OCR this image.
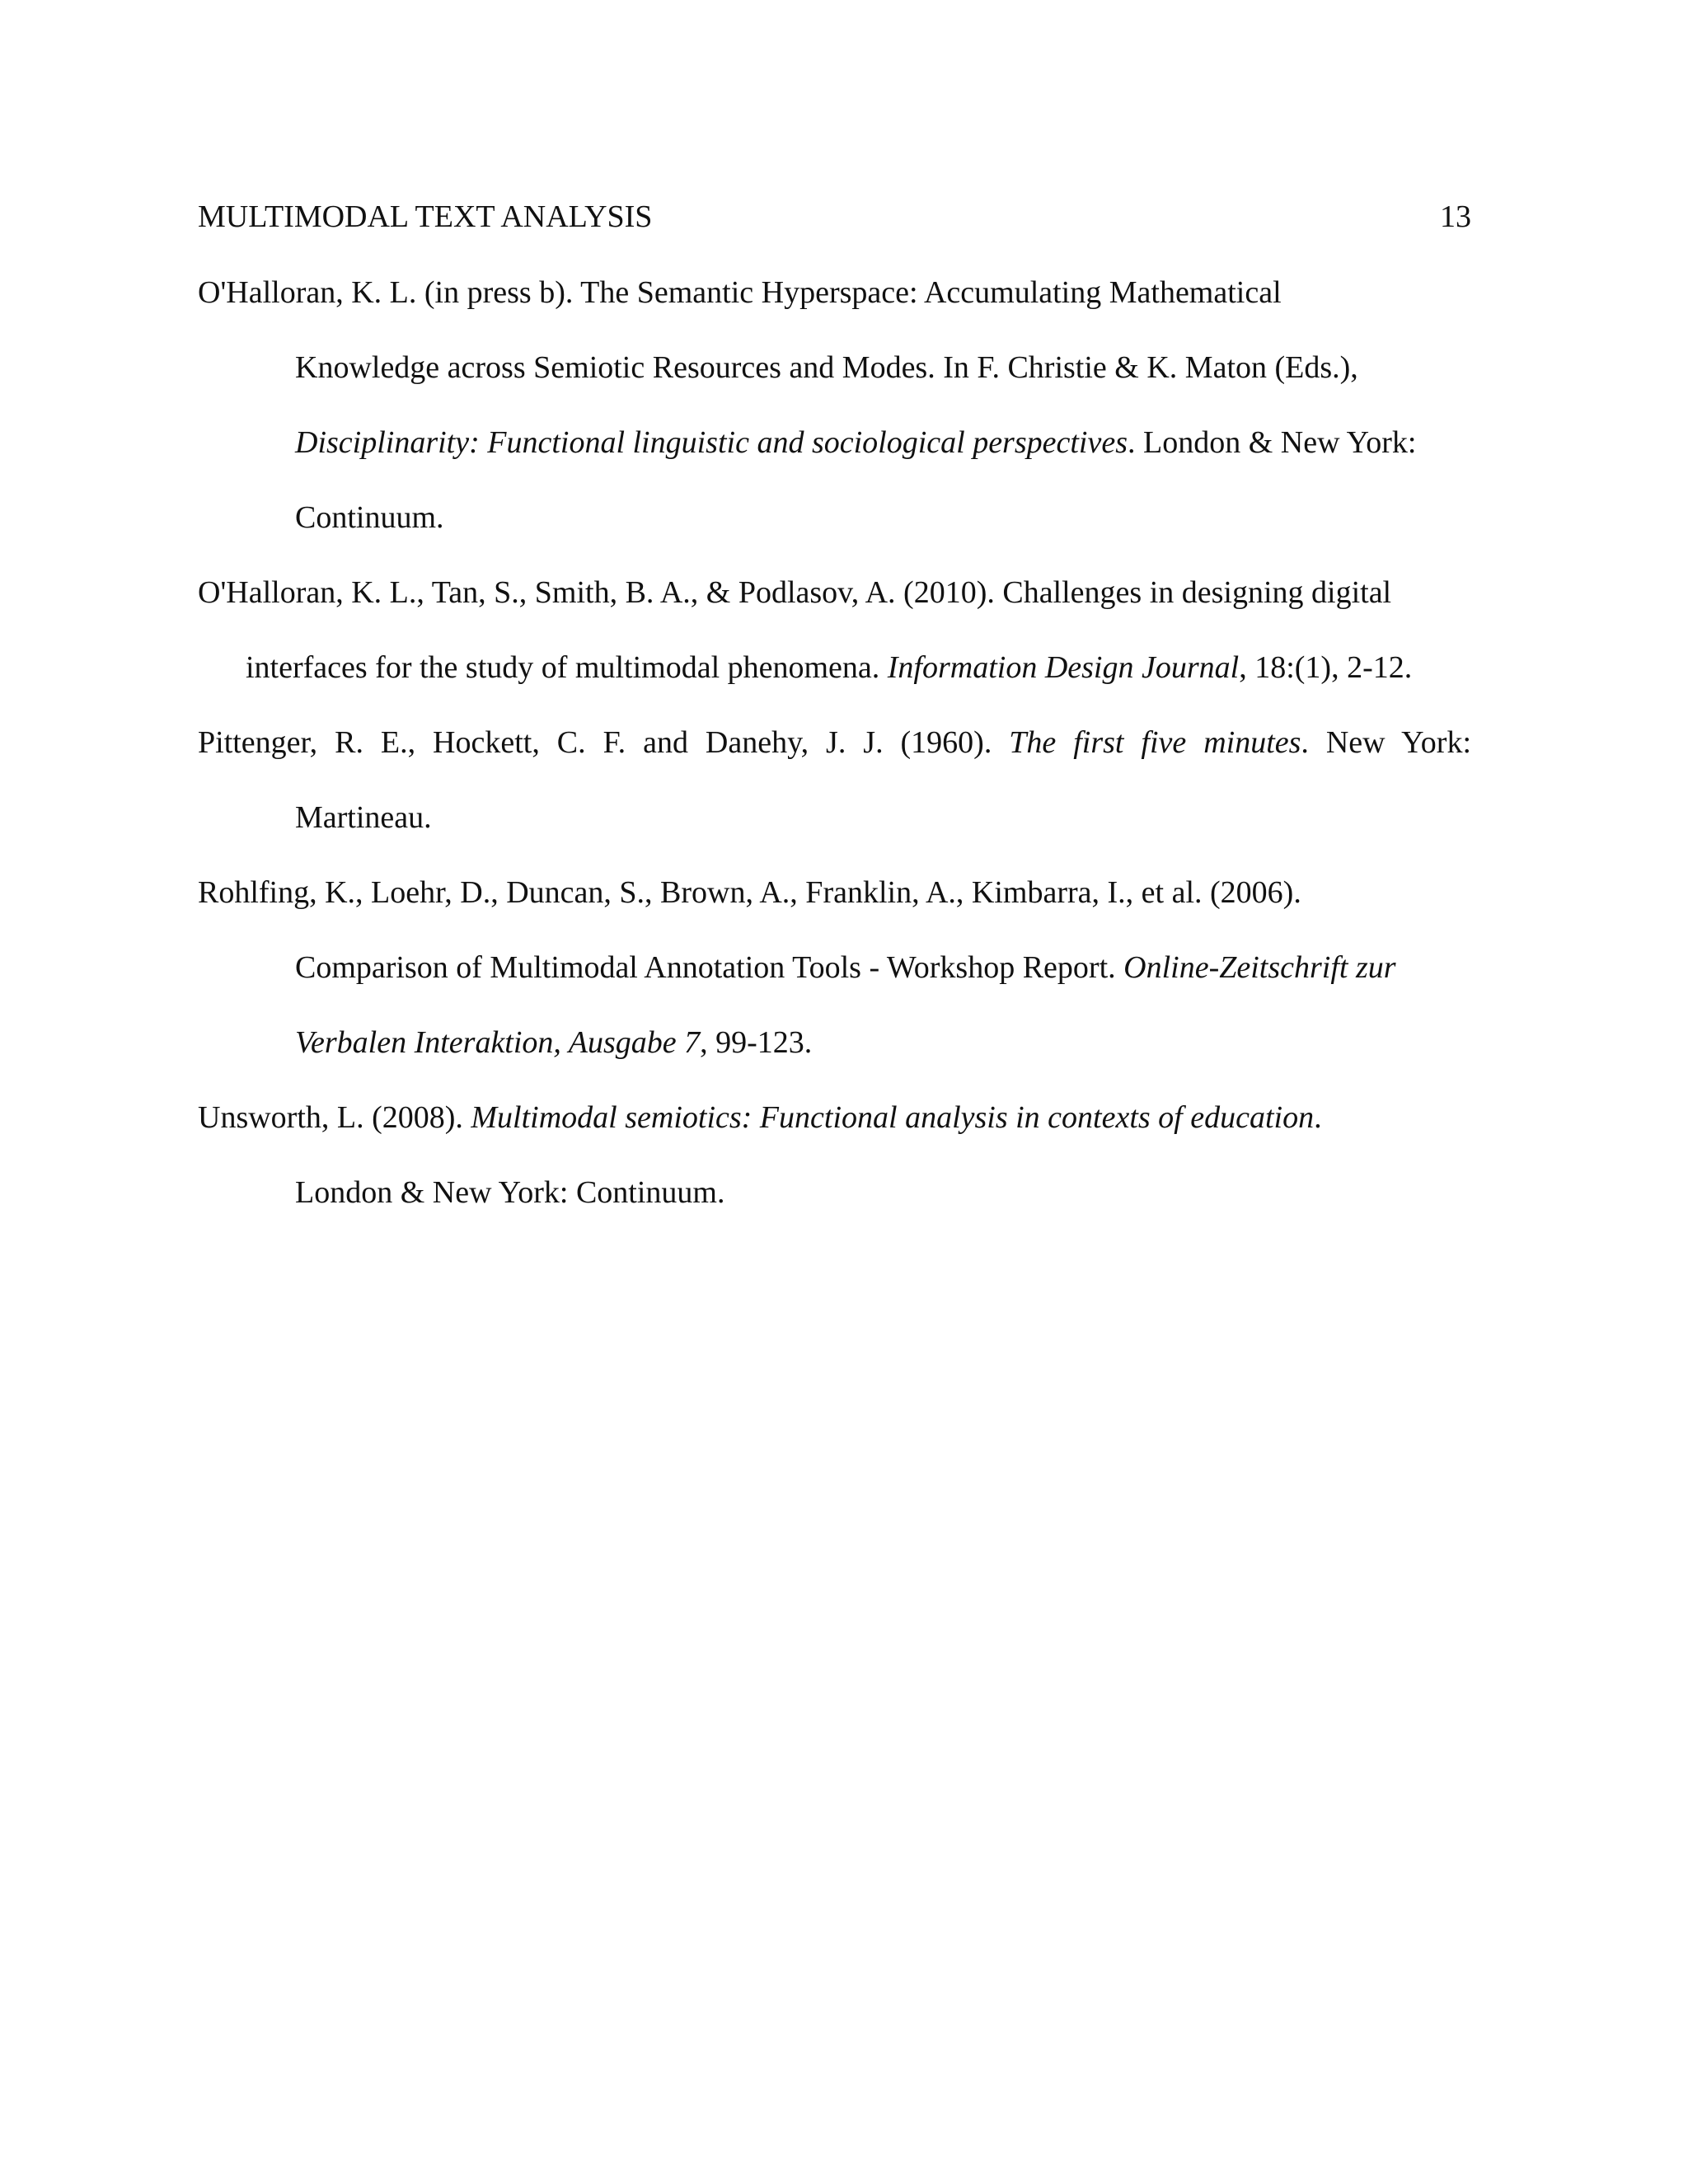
MULTIMODAL TEXT ANALYSIS	13
O'Halloran, K. L. (in press b). The Semantic Hyperspace: Accumulating Mathematical
Knowledge across Semiotic Resources and Modes. In F. Christie & K. Maton (Eds.),
Disciplinarity: Functional linguistic and sociological perspectives. London & New York:
Continuum.
O'Halloran, K. L., Tan, S., Smith, B. A., & Podlasov, A. (2010). Challenges in designing digital
interfaces for the study of multimodal phenomena. Information Design Journal, 18:(1), 2-12.
Pittenger, R. E., Hockett, C. F. and Danehy, J. J. (1960). The first five minutes. New York:
Martineau.
Rohlfing, K., Loehr, D., Duncan, S., Brown, A., Franklin, A., Kimbarra, I., et al. (2006).
Comparison of Multimodal Annotation Tools - Workshop Report. Online-Zeitschrift zur
Verbalen Interaktion, Ausgabe 7, 99-123.
Unsworth, L. (2008). Multimodal semiotics: Functional analysis in contexts of education.
London & New York: Continuum.
